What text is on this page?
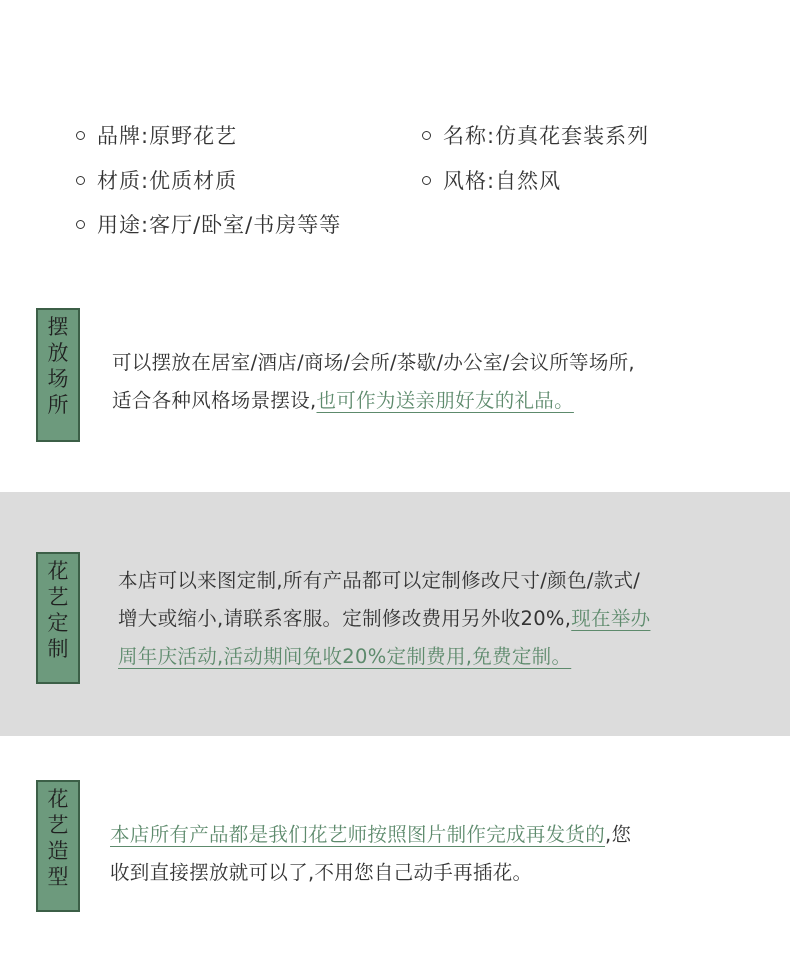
品牌:原野花艺	名称:仿真花套装系列
材质:优质材质	风格:自然风
用途:客厅/卧室/书房等等
摆
放
场
所
可以摆放在居室/酒店/商场/会所/茶歇/办公室/会议所等场所,
适合各种风格场景摆设,也可作为送亲朋好友的礼品。
花
艺
定
制
本店可以来图定制,所有产品都可以定制修改尺寸/颜色/款式/
增大或缩小,请联系客服。定制修改费用另外收20%,现在举办
周年庆活动,活动期间免收20%定制费用,免费定制。
花
艺
造
型
本店所有产品都是我们花艺师按照图片制作完成再发货的,您
收到直接摆放就可以了,不用您自己动手再插花。
